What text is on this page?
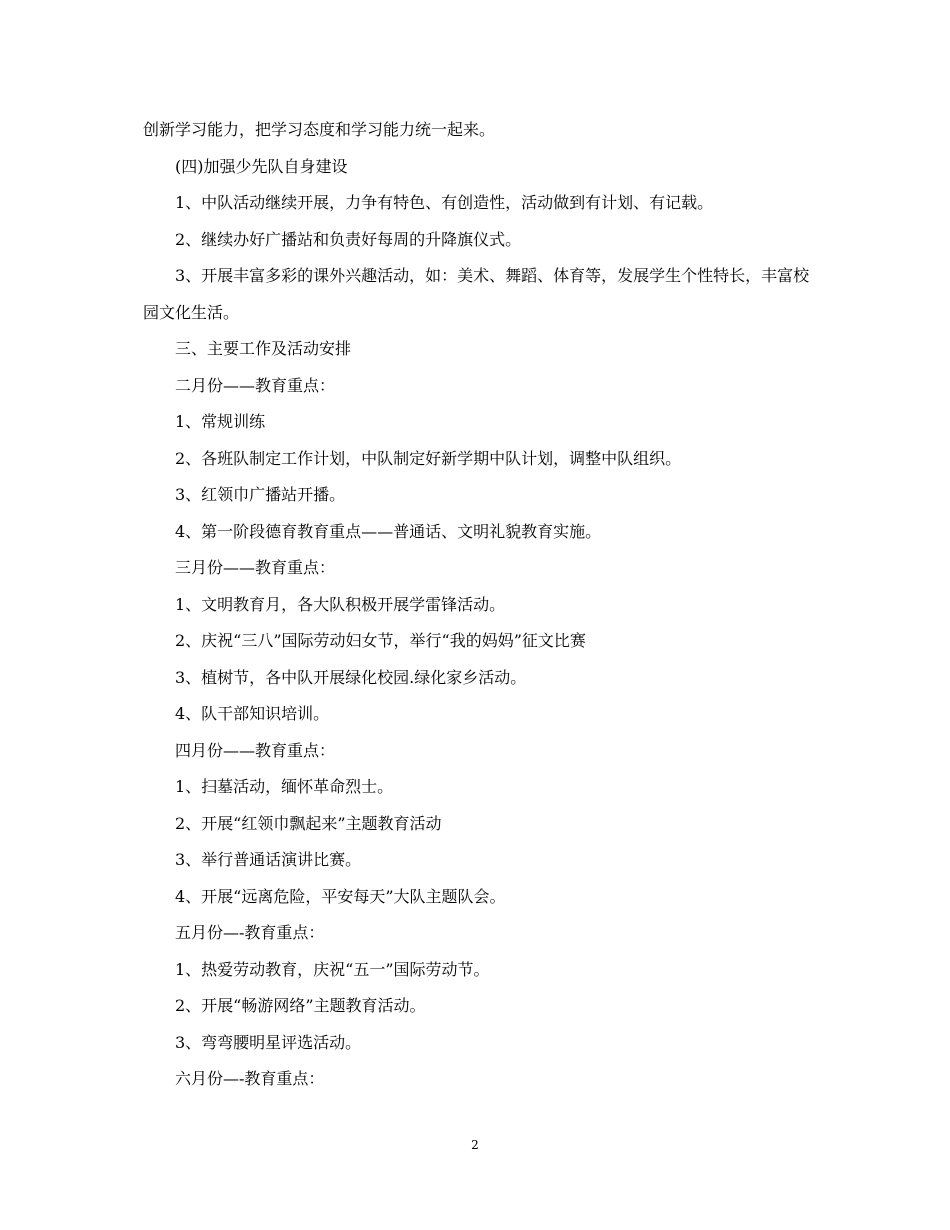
创新学习能力，把学习态度和学习能力统一起来。

(四)加强少先队自身建设

1、中队活动继续开展，力争有特色、有创造性，活动做到有计划、有记载。

2、继续办好广播站和负责好每周的升降旗仪式。

3、开展丰富多彩的课外兴趣活动，如：美术、舞蹈、体育等，发展学生个性特长，丰富校园文化生活。

三、主要工作及活动安排

二月份——教育重点：

1、常规训练

2、各班队制定工作计划，中队制定好新学期中队计划，调整中队组织。

3、红领巾广播站开播。

4、第一阶段德育教育重点——普通话、文明礼貌教育实施。

三月份——教育重点：

1、文明教育月，各大队积极开展学雷锋活动。

2、庆祝“三八”国际劳动妇女节，举行“我的妈妈”征文比赛

3、植树节，各中队开展绿化校园.绿化家乡活动。

4、队干部知识培训。

四月份——教育重点：

1、扫墓活动，缅怀革命烈士。

2、开展“红领巾飘起来”主题教育活动

3、举行普通话演讲比赛。

4、开展“远离危险，平安每天”大队主题队会。

五月份—-教育重点：

1、热爱劳动教育，庆祝“五一”国际劳动节。

2、开展“畅游网络”主题教育活动。

3、弯弯腰明星评选活动。

六月份—-教育重点：

2
